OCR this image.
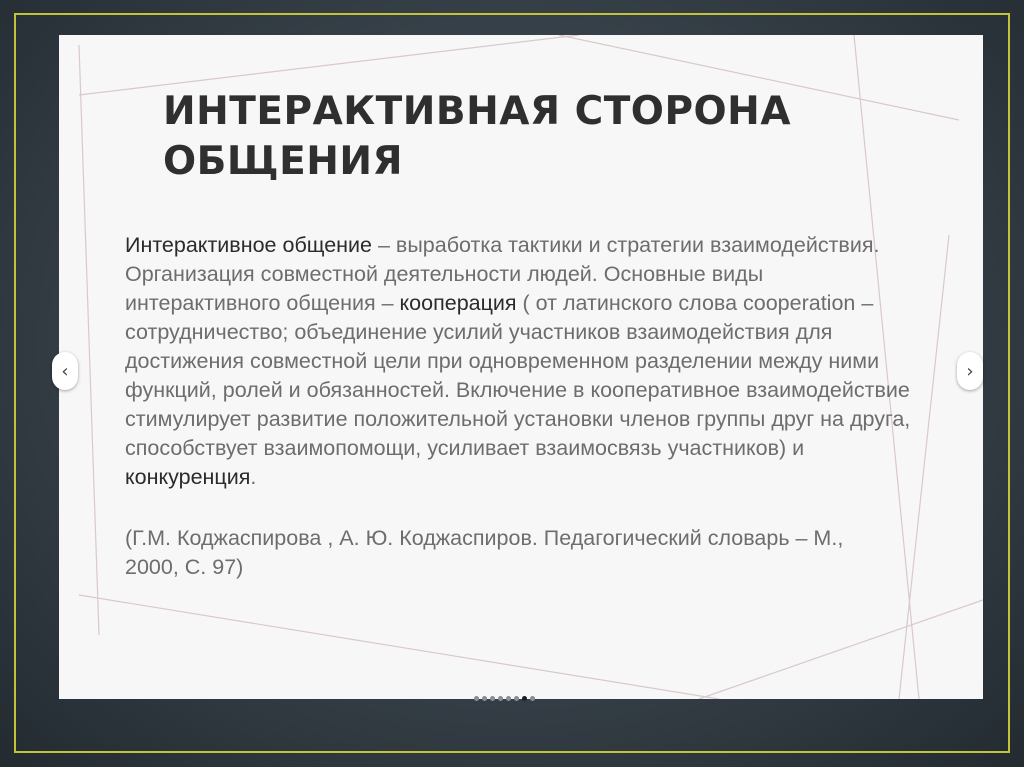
ИНТЕРАКТИВНАЯ СТОРОНА
ОБЩЕНИЯ

Интерактивное общение – выработка тактики и стратегии взаимодействия. Организация совместной деятельности людей. Основные виды интерактивного общения – кооперация ( от латинского слова cooperation – сотрудничество; объединение усилий участников взаимодействия для достижения совместной цели при одновременном разделении между ними функций, ролей и обязанностей. Включение в кооперативное взаимодействие стимулирует развитие положительной установки членов группы друг на друга, способствует взаимопомощи, усиливает взаимосвязь участников) и конкуренция.

(Г.М. Коджаспирова , А. Ю. Коджаспиров. Педагогический словарь – М., 2000, С. 97)

‹	›
